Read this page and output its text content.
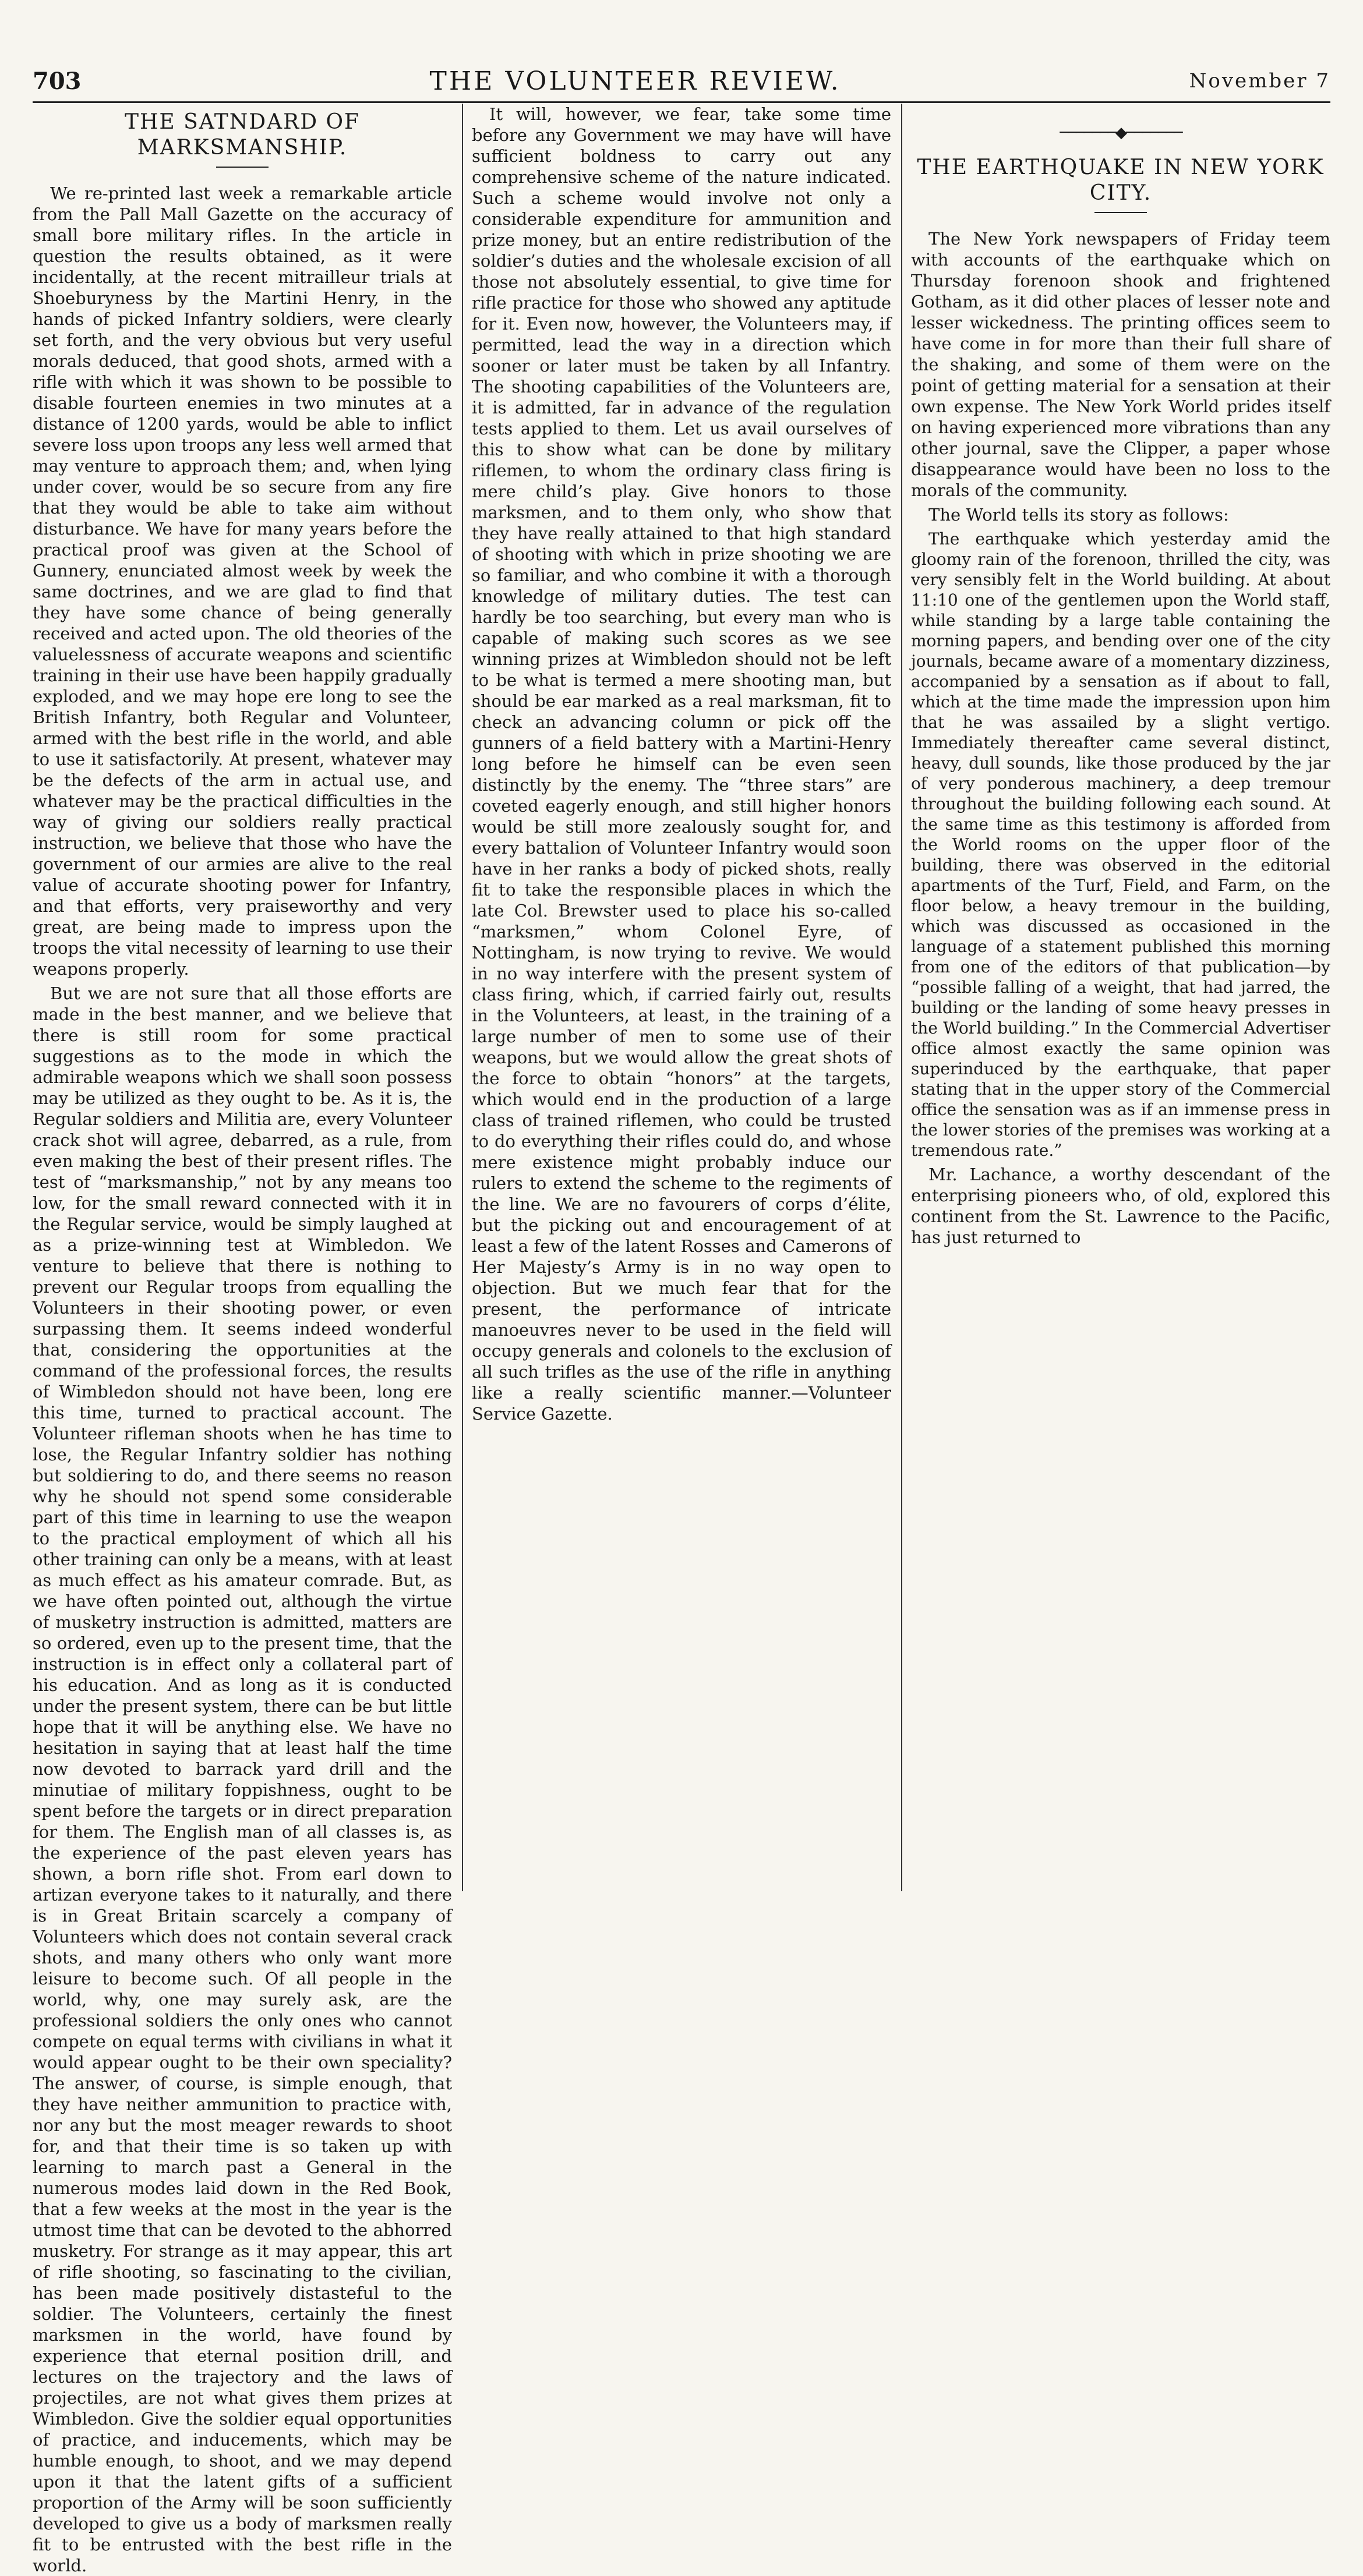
703	THE VOLUNTEER REVIEW.	November 7
THE SATNDARD OF MARKSMANSHIP.

We re-printed last week a remarkable article from the Pall Mall Gazette on the accuracy of small bore military rifles. In the article in question the results obtained, as it were incidentally, at the recent mitrailleur trials at Shoeburyness by the Martini Henry, in the hands of picked Infantry soldiers, were clearly set forth, and the very obvious but very useful morals deduced, that good shots, armed with a rifle with which it was shown to be possible to disable fourteen enemies in two minutes at a distance of 1200 yards, would be able to inflict severe loss upon troops any less well armed that may venture to approach them; and, when lying under cover, would be so secure from any fire that they would be able to take aim without disturbance. We have for many years before the practical proof was given at the School of Gunnery, enunciated almost week by week the same doctrines, and we are glad to find that they have some chance of being generally received and acted upon. The old theories of the valuelessness of accurate weapons and scientific training in their use have been happily gradually exploded, and we may hope ere long to see the British Infantry, both Regular and Volunteer, armed with the best rifle in the world, and able to use it satisfactorily. At present, whatever may be the defects of the arm in actual use, and whatever may be the practical difficulties in the way of giving our soldiers really practical instruction, we believe that those who have the government of our armies are alive to the real value of accurate shooting power for Infantry, and that efforts, very praiseworthy and very great, are being made to impress upon the troops the vital necessity of learning to use their weapons properly.

But we are not sure that all those efforts are made in the best manner, and we believe that there is still room for some practical suggestions as to the mode in which the admirable weapons which we shall soon possess may be utilized as they ought to be. As it is, the Regular soldiers and Militia are, every Volunteer crack shot will agree, debarred, as a rule, from even making the best of their present rifles. The test of “marksmanship,” not by any means too low, for the small reward connected with it in the Regular service, would be simply laughed at as a prize-winning test at Wimbledon. We venture to believe that there is nothing to prevent our Regular troops from equalling the Volunteers in their shooting power, or even surpassing them. It seems indeed wonderful that, considering the opportunities at the command of the professional forces, the results of Wimbledon should not have been, long ere this time, turned to practical account. The Volunteer rifleman shoots when he has time to lose, the Regular Infantry soldier has nothing but soldiering to do, and there seems no reason why he should not spend some considerable part of this time in learning to use the weapon to the practical employment of which all his other training can only be a means, with at least as much effect as his amateur comrade. But, as we have often pointed out, although the virtue of musketry instruction is admitted, matters are so ordered, even up to the present time, that the instruction is in effect only a collateral part of his education. And as long as it is conducted under the present system, there can be but little hope that it will be anything else. We have no hesitation in saying that at least half the time now devoted to barrack yard drill and the minutiae of military foppishness, ought to be spent before the targets or in direct preparation for them. The English man of all classes is, as the experience of the past eleven years has shown, a born rifle shot. From earl down to artizan everyone takes to it naturally, and there is in Great Britain scarcely a company of Volunteers which does not contain several crack shots, and many others who only want more leisure to become such. Of all people in the world, why, one may surely ask, are the professional soldiers the only ones who cannot compete on equal terms with civilians in what it would appear ought to be their own speciality? The answer, of course, is simple enough, that they have neither ammunition to practice with, nor any but the most meager rewards to shoot for, and that their time is so taken up with learning to march past a General in the numerous modes laid down in the Red Book, that a few weeks at the most in the year is the utmost time that can be devoted to the abhorred musketry. For strange as it may appear, this art of rifle shooting, so fascinating to the civilian, has been made positively distasteful to the soldier. The Volunteers, certainly the finest marksmen in the world, have found by experience that eternal position drill, and lectures on the trajectory and the laws of projectiles, are not what gives them prizes at Wimbledon. Give the soldier equal opportunities of practice, and inducements, which may be humble enough, to shoot, and we may depend upon it that the latent gifts of a sufficient proportion of the Army will be soon sufficiently developed to give us a body of marksmen really fit to be entrusted with the best rifle in the world.

It will, however, we fear, take some time before any Government we may have will have sufficient boldness to carry out any comprehensive scheme of the nature indicated. Such a scheme would involve not only a considerable expenditure for ammunition and prize money, but an entire redistribution of the soldier’s duties and the wholesale excision of all those not absolutely essential, to give time for rifle practice for those who showed any aptitude for it. Even now, however, the Volunteers may, if permitted, lead the way in a direction which sooner or later must be taken by all Infantry. The shooting capabilities of the Volunteers are, it is admitted, far in advance of the regulation tests applied to them. Let us avail ourselves of this to show what can be done by military riflemen, to whom the ordinary class firing is mere child’s play. Give honors to those marksmen, and to them only, who show that they have really attained to that high standard of shooting with which in prize shooting we are so familiar, and who combine it with a thorough knowledge of military duties. The test can hardly be too searching, but every man who is capable of making such scores as we see winning prizes at Wimbledon should not be left to be what is termed a mere shooting man, but should be ear marked as a real marksman, fit to check an advancing column or pick off the gunners of a field battery with a Martini-Henry long before he himself can be even seen distinctly by the enemy. The “three stars” are coveted eagerly enough, and still higher honors would be still more zealously sought for, and every battalion of Volunteer Infantry would soon have in her ranks a body of picked shots, really fit to take the responsible places in which the late Col. Brewster used to place his so-called “marksmen,” whom Colonel Eyre, of Nottingham, is now trying to revive. We would in no way interfere with the present system of class firing, which, if carried fairly out, results in the Volunteers, at least, in the training of a large number of men to some use of their weapons, but we would allow the great shots of the force to obtain “honors” at the targets, which would end in the production of a large class of trained riflemen, who could be trusted to do everything their rifles could do, and whose mere existence might probably induce our rulers to extend the scheme to the regiments of the line. We are no favourers of corps d’élite, but the picking out and encouragement of at least a few of the latent Rosses and Camerons of Her Majesty’s Army is in no way open to objection. But we much fear that for the present, the performance of intricate manoeuvres never to be used in the field will occupy generals and colonels to the exclusion of all such trifles as the use of the rifle in anything like a really scientific manner.—Volunteer Service Gazette.

───────◆───────
THE EARTHQUAKE IN NEW YORK CITY.

The New York newspapers of Friday teem with accounts of the earthquake which on Thursday forenoon shook and frightened Gotham, as it did other places of lesser note and lesser wickedness. The printing offices seem to have come in for more than their full share of the shaking, and some of them were on the point of getting material for a sensation at their own expense. The New York World prides itself on having experienced more vibrations than any other journal, save the Clipper, a paper whose disappearance would have been no loss to the morals of the community.

The World tells its story as follows:

The earthquake which yesterday amid the gloomy rain of the forenoon, thrilled the city, was very sensibly felt in the World building. At about 11:10 one of the gentlemen upon the World staff, while standing by a large table containing the morning papers, and bending over one of the city journals, became aware of a momentary dizziness, accompanied by a sensation as if about to fall, which at the time made the impression upon him that he was assailed by a slight vertigo. Immediately thereafter came several distinct, heavy, dull sounds, like those produced by the jar of very ponderous machinery, a deep tremour throughout the building following each sound. At the same time as this testimony is afforded from the World rooms on the upper floor of the building, there was observed in the editorial apartments of the Turf, Field, and Farm, on the floor below, a heavy tremour in the building, which was discussed as occasioned in the language of a statement published this morning from one of the editors of that publication—by “possible falling of a weight, that had jarred, the building or the landing of some heavy presses in the World building.” In the Commercial Advertiser office almost exactly the same opinion was superinduced by the earthquake, that paper stating that in the upper story of the Commercial office the sensation was as if an immense press in the lower stories of the premises was working at a tremendous rate.”

Mr. Lachance, a worthy descendant of the enterprising pioneers who, of old, explored this continent from the St. Lawrence to the Pacific, has just returned to
